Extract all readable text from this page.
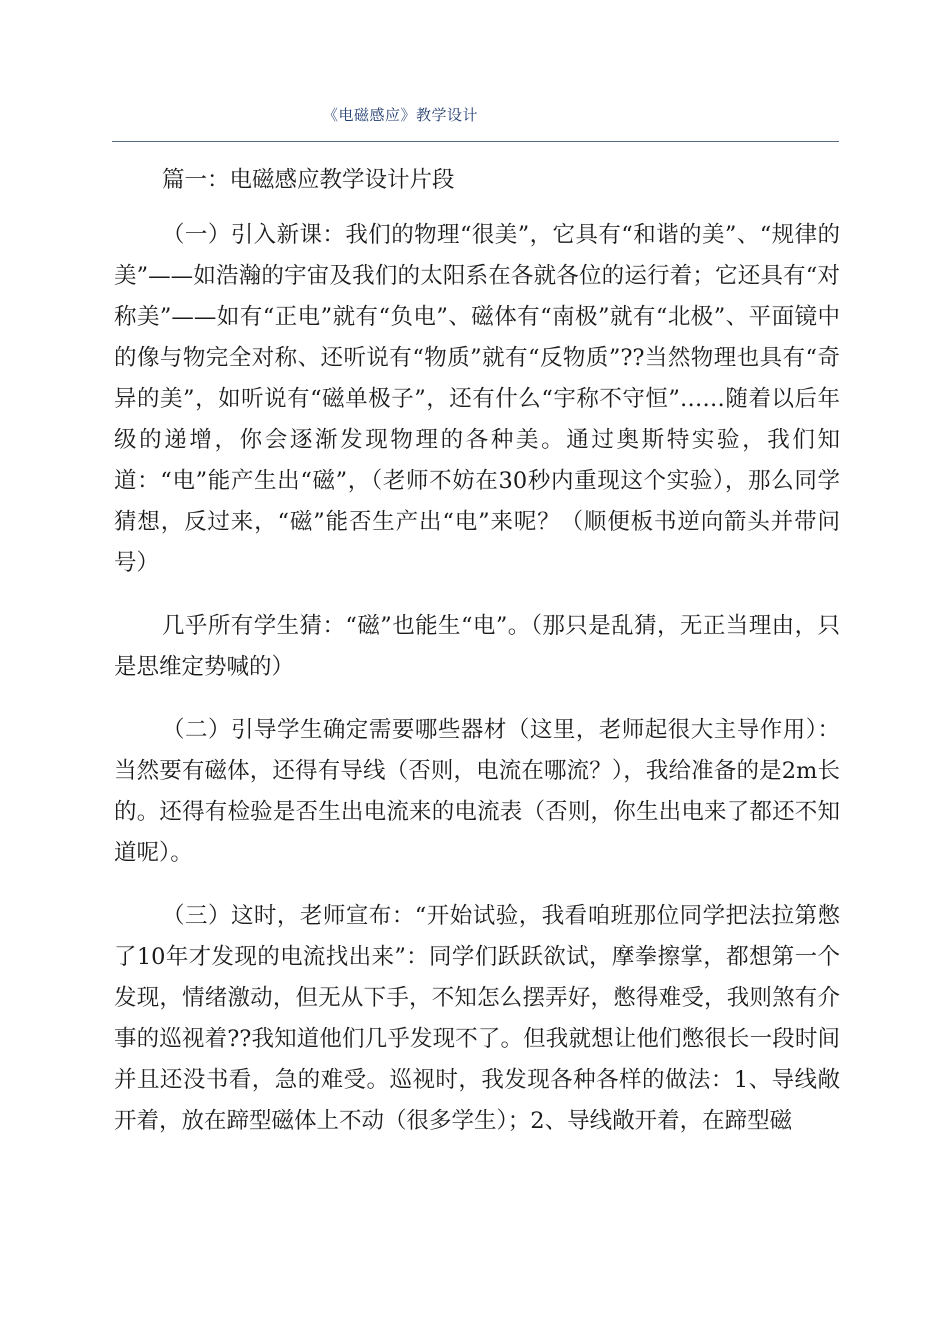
《电磁感应》教学设计

篇一：电磁感应教学设计片段

（一）引入新课：我们的物理“很美”，它具有“和谐的美”、“规律的美”——如浩瀚的宇宙及我们的太阳系在各就各位的运行着；它还具有“对称美”——如有“正电”就有“负电”、磁体有“南极”就有“北极”、平面镜中的像与物完全对称、还听说有“物质”就有“反物质”??当然物理也具有“奇异的美”，如听说有“磁单极子”，还有什么“宇称不守恒”……随着以后年级的递增，你会逐渐发现物理的各种美。通过奥斯特实验，我们知道：“电”能产生出“磁”，（老师不妨在30秒内重现这个实验），那么同学猜想，反过来，“磁”能否生产出“电”来呢？（顺便板书逆向箭头并带问号）

几乎所有学生猜：“磁”也能生“电”。（那只是乱猜，无正当理由，只是思维定势喊的）

（二）引导学生确定需要哪些器材（这里，老师起很大主导作用）：当然要有磁体，还得有导线（否则，电流在哪流？），我给准备的是2m长的。还得有检验是否生出电流来的电流表（否则，你生出电来了都还不知道呢）。

（三）这时，老师宣布：“开始试验，我看咱班那位同学把法拉第憋了10年才发现的电流找出来”：同学们跃跃欲试，摩拳擦掌，都想第一个发现，情绪激动，但无从下手，不知怎么摆弄好，憋得难受，我则煞有介事的巡视着??我知道他们几乎发现不了。但我就想让他们憋很长一段时间并且还没书看，急的难受。巡视时，我发现各种各样的做法：1、导线敞开着，放在蹄型磁体上不动（很多学生）；2、导线敞开着，在蹄型磁
